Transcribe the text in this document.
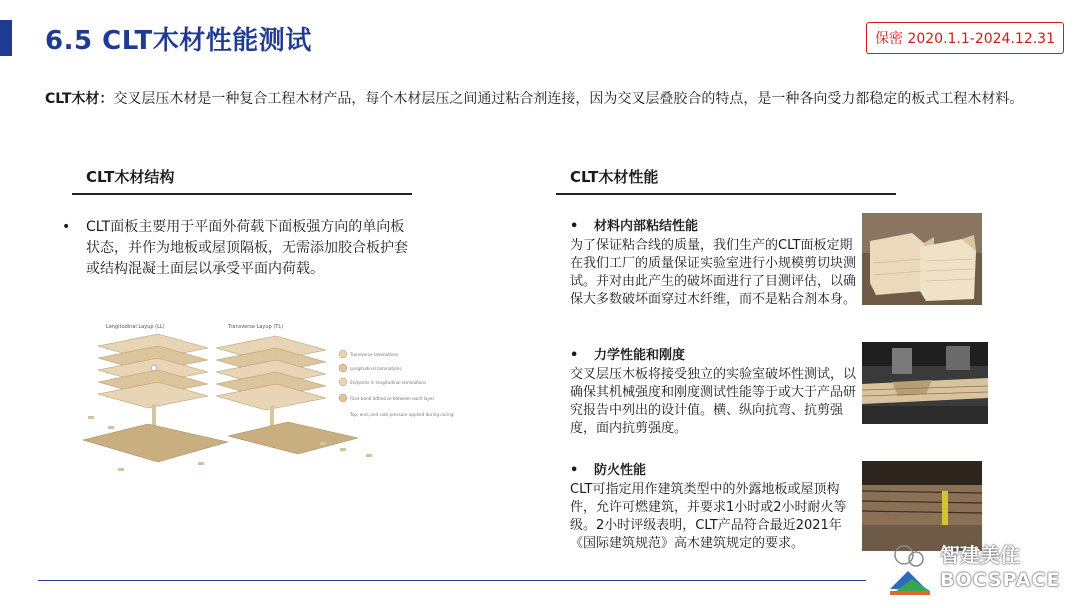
6.5 CLT木材性能测试	保密 2020.1.1-2024.12.31
CLT木材：交叉层压木材是一种复合工程木材产品，每个木材层压之间通过粘合剂连接，因为交叉层叠胶合的特点，是一种各向受力都稳定的板式工程木材料。
CLT木材结构
• CLT面板主要用于平面外荷载下面板强方向的单向板状态，并作为地板或屋顶隔板，无需添加胶合板护套或结构混凝土面层以承受平面内荷载。
Longitudinal Layup (LL)	Transverse Layup (TL)
Transverse laminations
Longitudinal laminations
Endjoints in longitudinal laminations
Face bond adhesive between each layer
Top, end, and side pressure applied during curing
CLT木材性能
• 材料内部粘结性能
为了保证粘合线的质量，我们生产的CLT面板定期在我们工厂的质量保证实验室进行小规模剪切块测试。并对由此产生的破坏面进行了目测评估，以确保大多数破坏面穿过木纤维，而不是粘合剂本身。
• 力学性能和刚度
交叉层压木板将接受独立的实验室破坏性测试，以确保其机械强度和刚度测试性能等于或大于产品研究报告中列出的设计值。横、纵向抗弯、抗剪强度，面内抗剪强度。
• 防火性能
CLT可指定用作建筑类型中的外露地板或屋顶构件，允许可燃建筑，并要求1小时或2小时耐火等级。2小时评级表明，CLT产品符合最近2021年《国际建筑规范》高木建筑规定的要求。	智建美住
BOCSPACE
